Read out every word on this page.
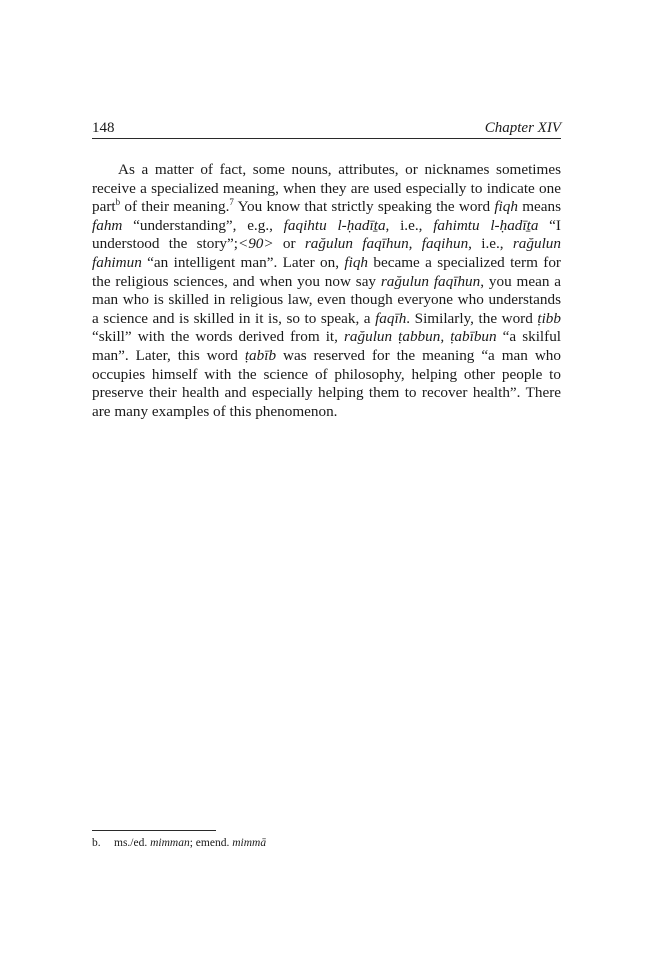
148	Chapter XIV

As a matter of fact, some nouns, attributes, or nicknames sometimes receive a specialized meaning, when they are used especially to indicate one part$^b$ of their meaning.$^7$ You know that strictly speaking the word fiqh means fahm “understanding”, e.g., faqihtu l-ḥadīṯa, i.e., fahimtu l-ḥadīṯa “I understood the story”;<90> or rağulun faqīhun, faqihun, i.e., rağulun fahimun “an intelligent man”. Later on, fiqh became a specialized term for the religious sciences, and when you now say rağulun faqīhun, you mean a man who is skilled in religious law, even though everyone who understands a science and is skilled in it is, so to speak, a faqīh. Similarly, the word ṭibb “skill” with the words derived from it, rağulun ṭabbun, ṭabībun “a skilful man”. Later, this word ṭabīb was reserved for the meaning “a man who occupies himself with the science of philosophy, helping other people to preserve their health and especially helping them to recover health”. There are many examples of this phenomenon.

b. ms./ed. mimman; emend. mimmā
